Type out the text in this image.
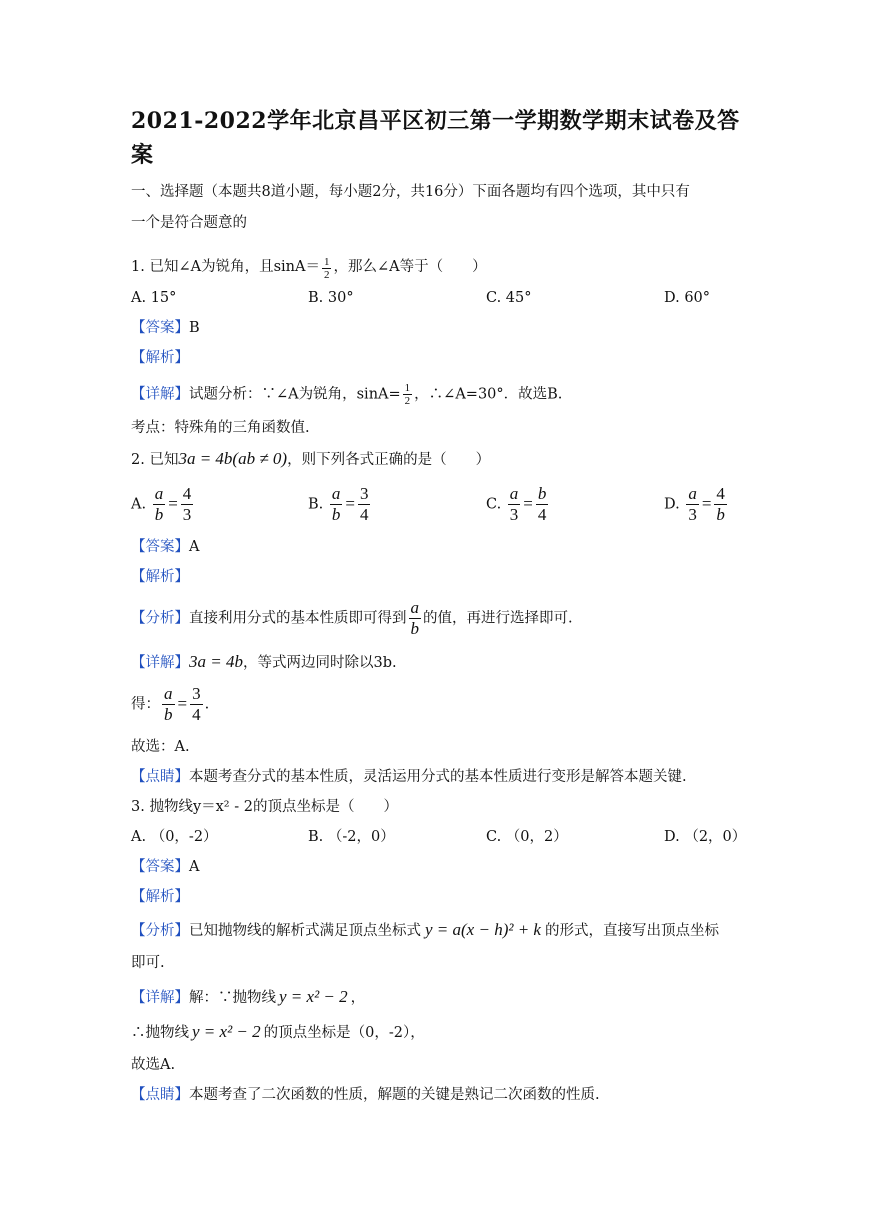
2021-2022学年北京昌平区初三第一学期数学期末试卷及答案
一、选择题（本题共8道小题，每小题2分，共16分）下面各题均有四个选项，其中只有
一个是符合题意的
1. 已知∠A为锐角，且$\sin A= \frac{1}{2}$ ，那么∠A等于（　　）
A. 15°	B. 30°	C. 45°	D. 60°
【答案】B
【解析】
【详解】试题分析：∵∠A为锐角，$\sin A= \frac{1}{2}$ ，∴∠A=30°．故选B.
考点：特殊角的三角函数值.
2. 已知3a = 4b(ab ≠ 0)，则下列各式正确的是（　　）
A. $\frac{a}{b} = \frac{4}{3}$	B. $\frac{a}{b} = \frac{3}{4}$	C. $\frac{a}{3} = \frac{b}{4}$	D. $\frac{a}{3} = \frac{4}{b}$
【答案】A
【解析】
【分析】直接利用分式的基本性质即可得到 $\frac{a}{b}$ 的值，再进行选择即可.
【详解】3a = 4b，等式两边同时除以3b.
得： $\frac{a}{b} = \frac{3}{4}$ .
故选：A.
【点睛】本题考查分式的基本性质，灵活运用分式的基本性质进行变形是解答本题关键.
3. 抛物线y＝x² - 2的顶点坐标是（　　）
A. （0，-2）	B. （-2，0）	C. （0，2）	D. （2，0）
【答案】A
【解析】
【分析】已知抛物线的解析式满足顶点坐标式 y = a(x − h)² + k 的形式，直接写出顶点坐标
即可.
【详解】解：∵抛物线 y = x² − 2 ，
∴抛物线 y = x² − 2 的顶点坐标是（0，-2），
故选A.
【点睛】本题考查了二次函数的性质，解题的关键是熟记二次函数的性质.
